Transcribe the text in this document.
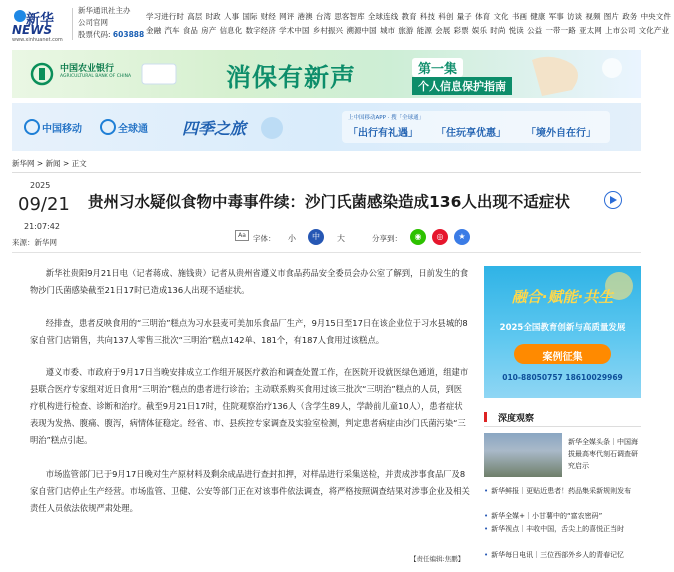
新华
NEWS
www.xinhuanet.com
新华通讯社主办
公司官网
股票代码: 603888
学习进行时 高层 时政 人事 国际 财经 网评 港澳 台湾 思客智库 全球连线 教育 科技 科创 量子 体育 文化 书画 健康 军事 访谈 视频 图片 政务 中央文件
金融 汽车 食品 房产 信息化 数字经济 学术中国 乡村振兴 溯源中国 城市 旅游 能源 会展 彩票 娱乐 时尚 悦读 公益 一带一路 亚太网 上市公司 文化产业
中国农业银行
AGRICULTURAL BANK OF CHINA	消保有新声	第一集
个人信息保护指南
中国移动	全球通 四季之旅
上中国移动APP · 搜「全球通」
「出行有礼遇」 「住玩享优惠」 「境外自在行」
新华网 > 新闻 > 正文
2025
09/21
21:07:42
来源：新华网
贵州习水疑似食物中毒事件续：沙门氏菌感染造成136人出现不适症状
Aa 字体： 小	中	大	分享到：	◉	◎	★
新华社贵阳9月21日电（记者蒋成、施钱贵）记者从贵州省遵义市食品药品安全委员会办公室了解到，日前发生的食物沙门氏菌感染截至21日17时已造成136人出现不适症状。
经排查，患者反映食用的“三明治”糕点为习水县麦可美加乐食品厂生产，9月15日至17日在该企业位于习水县城的8家自营门店销售，共向137人零售三批次“三明治”糕点142单、181个，有187人食用过该糕点。
遵义市委、市政府于9月17日当晚安排成立工作组开展医疗救治和调查处置工作，在医院开设就医绿色通道，组建市县联合医疗专家组对近日食用“三明治”糕点的患者进行诊治；主动联系购买食用过该三批次“三明治”糕点的人员，到医疗机构进行检查、诊断和治疗。截至9月21日17时，住院观察治疗136人（含学生89人，学龄前儿童10人），患者症状表现为发热、腹痛、腹泻，病情体征稳定。经省、市、县疾控专家调查及实验室检测，判定患者病症由沙门氏菌污染“三明治”糕点引起。
市场监管部门已于9月17日晚对生产原材料及剩余成品进行查封扣押，对样品进行采集送检，并责成涉事食品厂及8家自营门店停止生产经营。市场监管、卫健、公安等部门正在对该事件依法调查，将严格按照调查结果对涉事企业及相关责任人员依法依规严肃处理。
【责任编辑:焦鹏】
融合·赋能·共生
2025全国教育创新与高质量发展
案例征集
010-88050757 18610029969
深度观察
新华全媒头条｜中国海拔最高枣代刻石调查研究启示
• 新华鲜报｜更贴近患者！药品集采新规则发布
• 新华全媒+｜小甘薯中的“富农密码”
• 新华视点｜丰收中国，舌尖上的喜悦正当时
• 新华每日电讯｜三位西部外乡人的青春记忆
